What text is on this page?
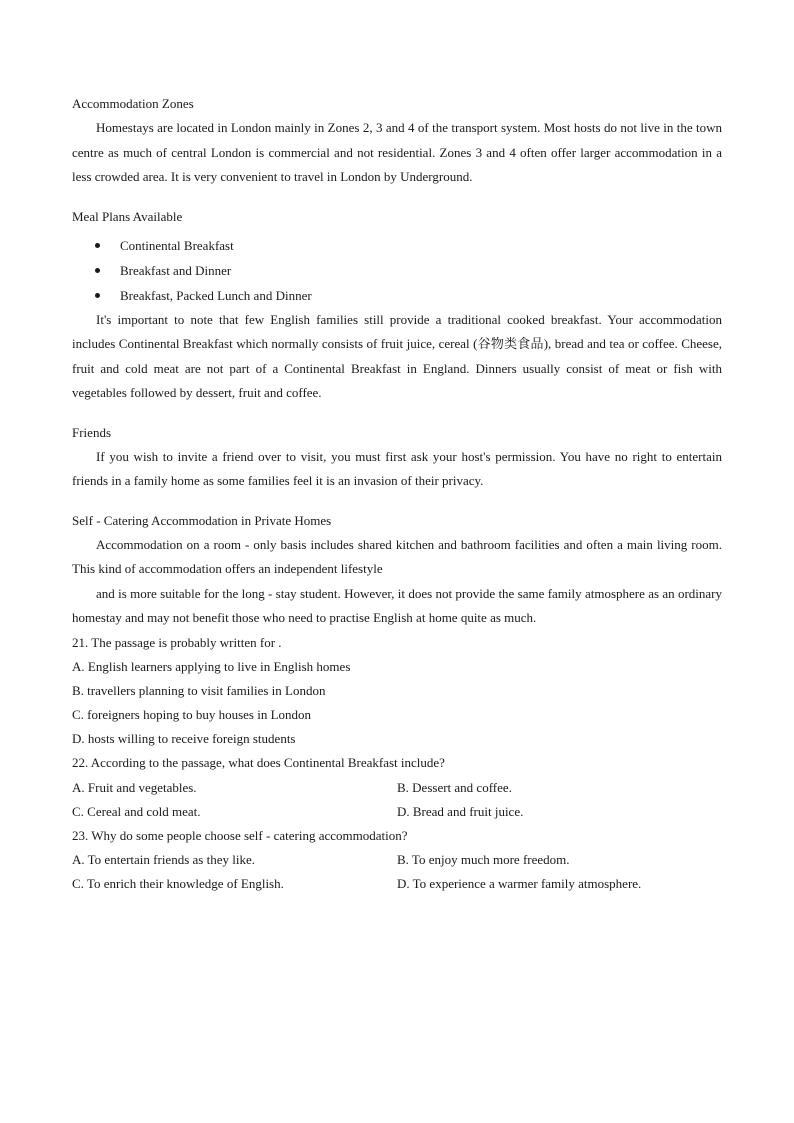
Accommodation Zones

Homestays are located in London mainly in Zones 2, 3 and 4 of the transport system. Most hosts do not live in the town centre as much of central London is commercial and not residential. Zones 3 and 4 often offer larger accommodation in a less crowded area. It is very convenient to travel in London by Underground.

Meal Plans Available

Continental Breakfast
Breakfast and Dinner
Breakfast, Packed Lunch and Dinner

It's important to note that few English families still provide a traditional cooked breakfast. Your accommodation includes Continental Breakfast which normally consists of fruit juice, cereal (谷物类食品), bread and tea or coffee. Cheese, fruit and cold meat are not part of a Continental Breakfast in England. Dinners usually consist of meat or fish with vegetables followed by dessert, fruit and coffee.

Friends

If you wish to invite a friend over to visit, you must first ask your host's permission. You have no right to entertain friends in a family home as some families feel it is an invasion of their privacy.

Self - Catering Accommodation in Private Homes

Accommodation on a room - only basis includes shared kitchen and bathroom facilities and often a main living room. This kind of accommodation offers an independent lifestyle

and is more suitable for the long - stay student. However, it does not provide the same family atmosphere as an ordinary homestay and may not benefit those who need to practise English at home quite as much.

21. The passage is probably written for .

A. English learners applying to live in English homes

B. travellers planning to visit families in London

C. foreigners hoping to buy houses in London

D. hosts willing to receive foreign students

22. According to the passage, what does Continental Breakfast include?

A. Fruit and vegetables.	B. Dessert and coffee.
C. Cereal and cold meat.	D. Bread and fruit juice.

23. Why do some people choose self - catering accommodation?

A. To entertain friends as they like.	B. To enjoy much more freedom.
C. To enrich their knowledge of English.	D. To experience a warmer family atmosphere.
